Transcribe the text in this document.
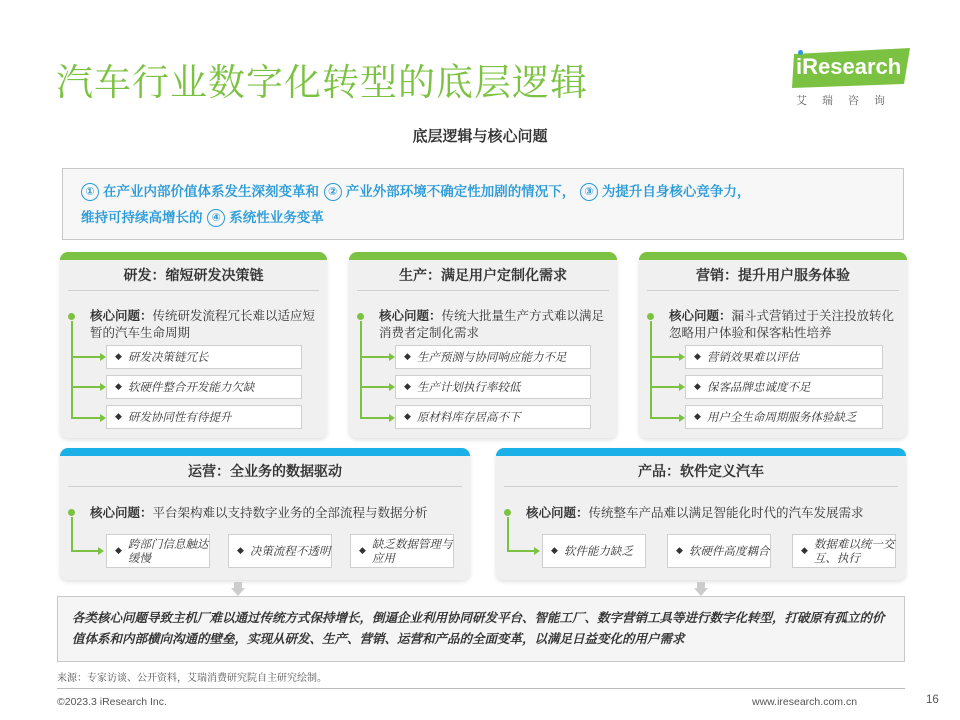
汽车行业数字化转型的底层逻辑	iResearch
艾瑞咨询
底层逻辑与核心问题
① 在产业内部价值体系发生深刻变革和 ② 产业外部环境不确定性加剧的情况下， ③ 为提升自身核心竞争力，
维持可持续高增长的 ④ 系统性业务变革
研发：缩短研发决策链
核心问题：传统研发流程冗长难以适应短暂的汽车生命周期
◆ 研发决策链冗长
◆ 软硬件整合开发能力欠缺
◆ 研发协同性有待提升
生产：满足用户定制化需求
核心问题：传统大批量生产方式难以满足消费者定制化需求
◆ 生产预测与协同响应能力不足
◆ 生产计划执行率较低
◆ 原材料库存居高不下
营销：提升用户服务体验
核心问题：漏斗式营销过于关注投放转化忽略用户体验和保客粘性培养
◆ 营销效果难以评估
◆ 保客品牌忠诚度不足
◆ 用户全生命周期服务体验缺乏
运营：全业务的数据驱动
核心问题：平台架构难以支持数字业务的全部流程与数据分析
◆ 跨部门信息触达缓慢	◆ 决策流程不透明	◆ 缺乏数据管理与应用
产品：软件定义汽车
核心问题：传统整车产品难以满足智能化时代的汽车发展需求
◆ 软件能力缺乏	◆ 软硬件高度耦合	◆ 数据难以统一交互、执行
各类核心问题导致主机厂难以通过传统方式保持增长，倒逼企业利用协同研发平台、智能工厂、数字营销工具等进行数字化转型，打破原有孤立的价值体系和内部横向沟通的壁垒，实现从研发、生产、营销、运营和产品的全面变革，以满足日益变化的用户需求
来源：专家访谈、公开资料，艾瑞消费研究院自主研究绘制。
©2023.3 iResearch Inc.	www.iresearch.com.cn	16
